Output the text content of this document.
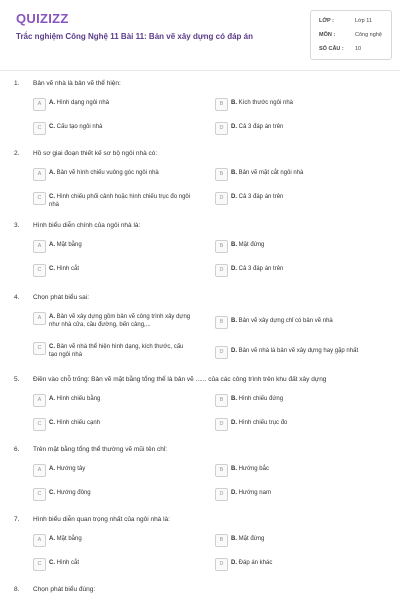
QUIZIZZ
Trắc nghiệm Công Nghệ 11 Bài 11: Bản vẽ xây dựng có đáp án
LỚP :	Lớp 11
MÔN :	Công nghệ
SỐ CÂU : 10
1. Bản vẽ nhà là bản vẽ thể hiện:
A	A. Hình dạng ngôi nhà	B	B. Kích thước ngôi nhà
C	C. Cấu tạo ngôi nhà	D	D. Cả 3 đáp án trên
2. Hồ sơ giai đoạn thiết kế sơ bộ ngôi nhà có:
A	A. Bản vẽ hình chiếu vuông góc ngôi nhà	B	B. Bản vẽ mặt cắt ngôi nhà
C	C. Hình chiếu phối cảnh hoặc hình chiếu trục đo ngôi nhà
D	D. Cả 3 đáp án trên
3. Hình biểu diễn chính của ngôi nhà là:
A	A. Mặt bằng	B	B. Mặt đứng
C	C. Hình cắt	D	D. Cả 3 đáp án trên
4. Chọn phát biểu sai:
A	A. Bản vẽ xây dựng gồm bản vẽ công trình xây dựng như nhà cửa, cầu đường, bến cảng,...	B	B. Bản vẽ xây dựng chỉ có bản vẽ nhà
C	C. Bản vẽ nhà thể hiện hình dạng, kích thước, cấu tạo ngôi nhà	D	D. Bản vẽ nhà là bản vẽ xây dựng hay gặp nhất
5. Điền vào chỗ trống: Bản vẽ mặt bằng tổng thể là bản vẽ ...... của các công trình trên khu đất xây dựng
A	A. Hình chiếu bằng	B	B. Hình chiếu đứng
C	C. Hình chiếu cạnh	D	D. Hình chiếu trục đo
6. Trên mặt bằng tổng thể thường vẽ mũi tên chỉ:
A	A. Hướng tây	B	B. Hướng bắc
C	C. Hướng đông	D	D. Hướng nam
7. Hình biểu diễn quan trọng nhất của ngôi nhà là:
A	A. Mặt bằng	B	B. Mặt đứng
C	C. Hình cắt	D	D. Đáp án khác
8. Chọn phát biểu đúng:
